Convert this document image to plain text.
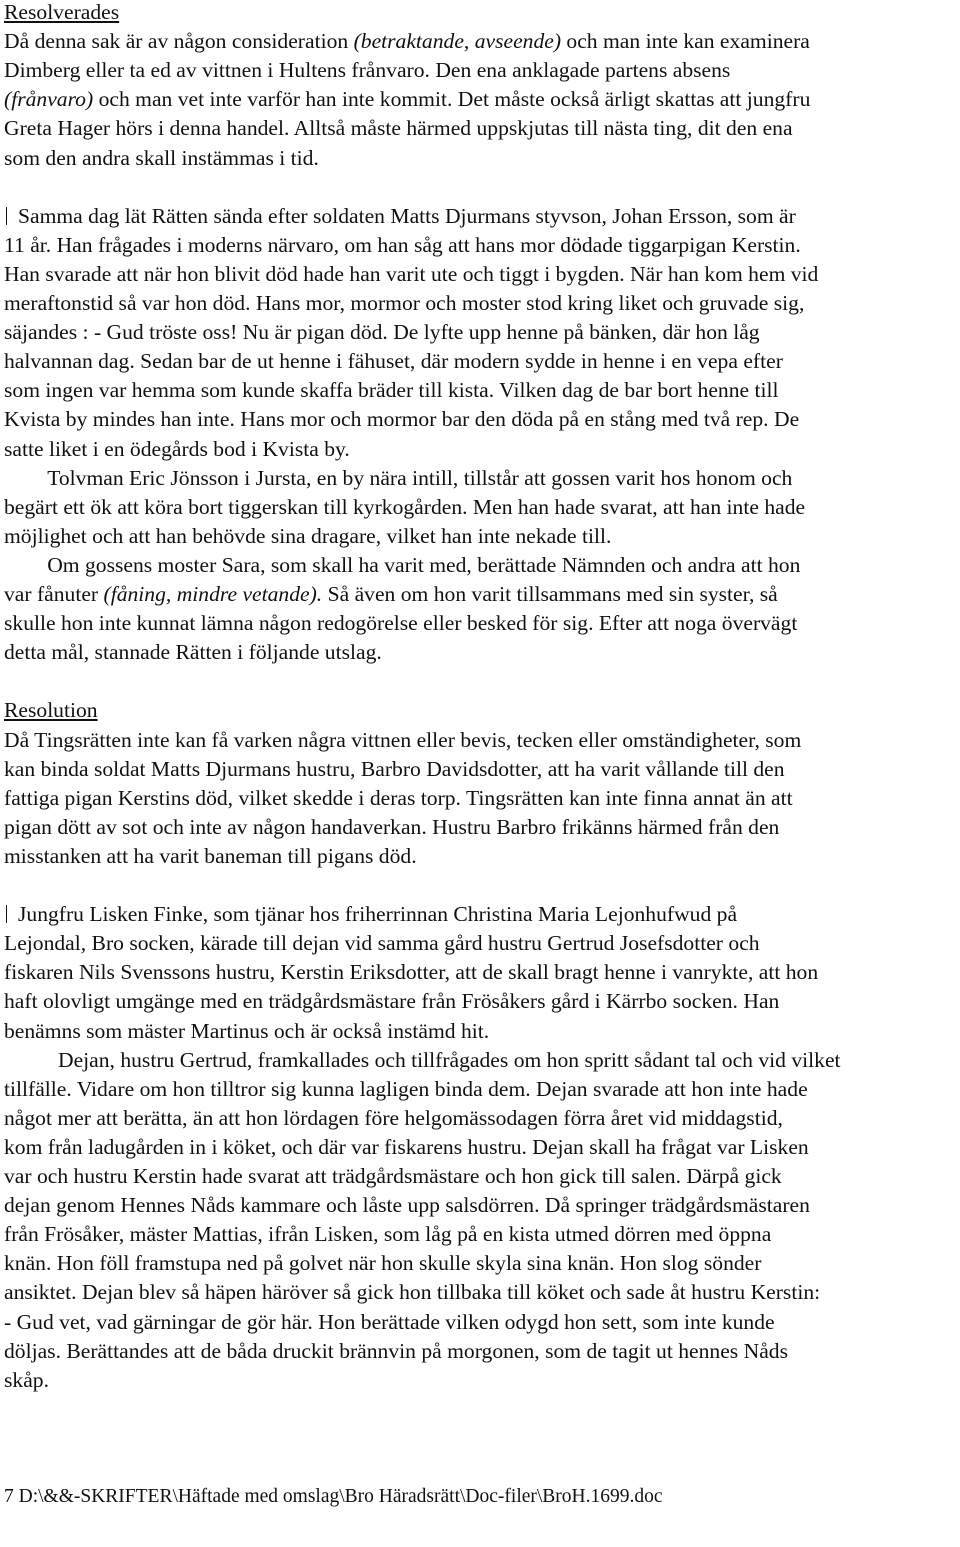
Resolverades
Då denna sak är av någon consideration (betraktande, avseende) och man inte kan examinera
Dimberg eller ta ed av vittnen i Hultens frånvaro. Den ena anklagade partens absens
(frånvaro) och man vet inte varför han inte kommit. Det måste också ärligt skattas att jungfru
Greta Hager hörs i denna handel. Alltså måste härmed uppskjutas till nästa ting, dit den ena
som den andra skall instämmas i tid.
Samma dag lät Rätten sända efter soldaten Matts Djurmans styvson, Johan Ersson, som är
11 år. Han frågades i moderns närvaro, om han såg att hans mor dödade tiggarpigan Kerstin.
Han svarade att när hon blivit död hade han varit ute och tiggt i bygden. När han kom hem vid
meraftonstid så var hon död. Hans mor, mormor och moster stod kring liket och gruvade sig,
säjandes : - Gud tröste oss! Nu är pigan död. De lyfte upp henne på bänken, där hon låg
halvannan dag. Sedan bar de ut henne i fähuset, där modern sydde in henne i en vepa efter
som ingen var hemma som kunde skaffa bräder till kista. Vilken dag de bar bort henne till
Kvista by mindes han inte. Hans mor och mormor bar den döda på en stång med två rep. De
satte liket i en ödegårds bod i Kvista by.
Tolvman Eric Jönsson i Jursta, en by nära intill, tillstår att gossen varit hos honom och
begärt ett ök att köra bort tiggerskan till kyrkogården. Men han hade svarat, att han inte hade
möjlighet och att han behövde sina dragare, vilket han inte nekade till.
Om gossens moster Sara, som skall ha varit med, berättade Nämnden och andra att hon
var fånuter (fåning, mindre vetande). Så även om hon varit tillsammans med sin syster, så
skulle hon inte kunnat lämna någon redogörelse eller besked för sig. Efter att noga övervägt
detta mål, stannade Rätten i följande utslag.
Resolution
Då Tingsrätten inte kan få varken några vittnen eller bevis, tecken eller omständigheter, som
kan binda soldat Matts Djurmans hustru, Barbro Davidsdotter, att ha varit vållande till den
fattiga pigan Kerstins död, vilket skedde i deras torp. Tingsrätten kan inte finna annat än att
pigan dött av sot och inte av någon handaverkan. Hustru Barbro frikänns härmed från den
misstanken att ha varit baneman till pigans död.
Jungfru Lisken Finke, som tjänar hos friherrinnan Christina Maria Lejonhufwud på
Lejondal, Bro socken, kärade till dejan vid samma gård hustru Gertrud Josefsdotter och
fiskaren Nils Svenssons hustru, Kerstin Eriksdotter, att de skall bragt henne i vanrykte, att hon
haft olovligt umgänge med en trädgårdsmästare från Frösåkers gård i Kärrbo socken. Han
benämns som mäster Martinus och är också instämd hit.
Dejan, hustru Gertrud, framkallades och tillfrågades om hon spritt sådant tal och vid vilket
tillfälle. Vidare om hon tilltror sig kunna lagligen binda dem. Dejan svarade att hon inte hade
något mer att berätta, än att hon lördagen före helgomässodagen förra året vid middagstid,
kom från ladugården in i köket, och där var fiskarens hustru. Dejan skall ha frågat var Lisken
var och hustru Kerstin hade svarat att trädgårdsmästare och hon gick till salen. Därpå gick
dejan genom Hennes Nåds kammare och låste upp salsdörren. Då springer trädgårdsmästaren
från Frösåker, mäster Mattias, ifrån Lisken, som låg på en kista utmed dörren med öppna
knän. Hon föll framstupa ned på golvet när hon skulle skyla sina knän. Hon slog sönder
ansiktet. Dejan blev så häpen häröver så gick hon tillbaka till köket och sade åt hustru Kerstin:
- Gud vet, vad gärningar de gör här. Hon berättade vilken odygd hon sett, som inte kunde
döljas. Berättandes att de båda druckit brännvin på morgonen, som de tagit ut hennes Nåds
skåp.
7 D:\&&-SKRIFTER\Häftade med omslag\Bro Häradsrätt\Doc-filer\BroH.1699.doc
